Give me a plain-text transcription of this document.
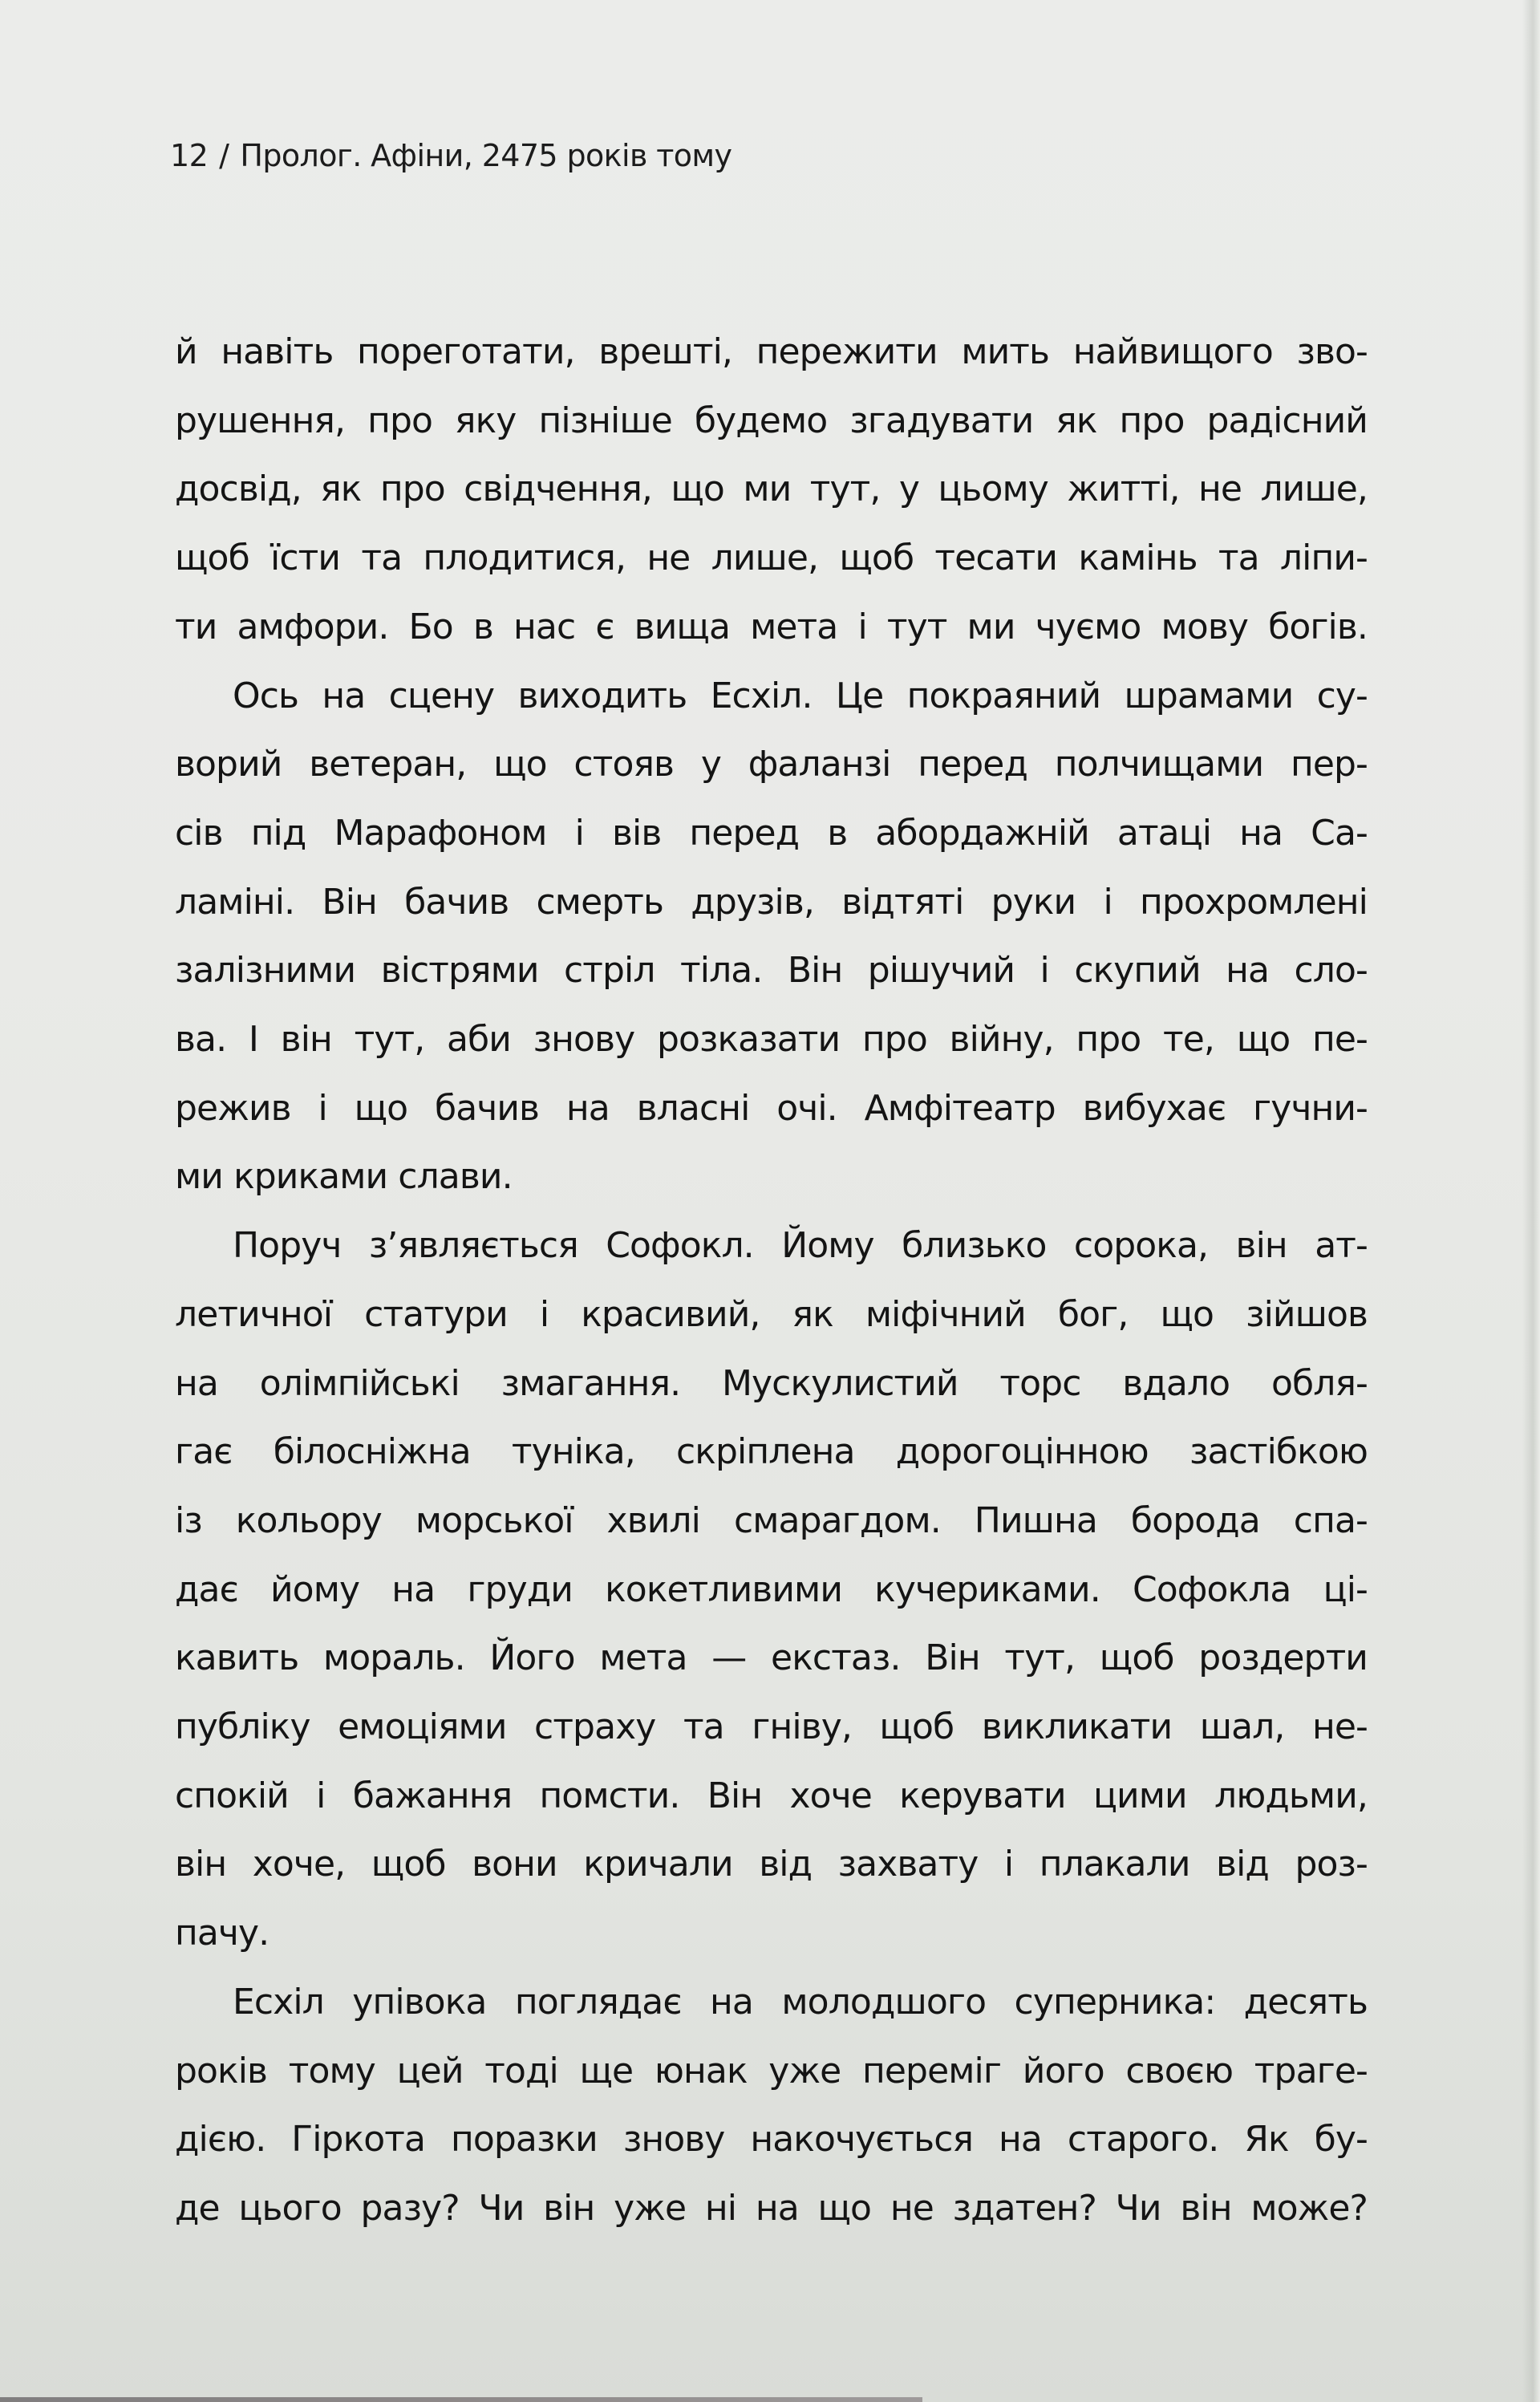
12 / Пролог. Афіни, 2475 років тому
й навіть пореготати, врешті, пережити мить найвищого зво-
рушення, про яку пізніше будемо згадувати як про радісний
досвід, як про свідчення, що ми тут, у цьому житті, не лише,
щоб їсти та плодитися, не лише, щоб тесати камінь та ліпи-
ти амфори. Бо в нас є вища мета і тут ми чуємо мову богів.
Ось на сцену виходить Есхіл. Це покраяний шрамами су-
ворий ветеран, що стояв у фаланзі перед полчищами пер-
сів під Марафоном і вів перед в абордажній атаці на Са-
ламіні. Він бачив смерть друзів, відтяті руки і прохромлені
залізними вістрями стріл тіла. Він рішучий і скупий на сло-
ва. І він тут, аби знову розказати про війну, про те, що пе-
режив і що бачив на власні очі. Амфітеатр вибухає гучни-
ми криками слави.
Поруч з’являється Софокл. Йому близько сорока, він ат-
летичної статури і красивий, як міфічний бог, що зійшов
на олімпійські змагання. Мускулистий торс вдало обля-
гає білосніжна туніка, скріплена дорогоцінною застібкою
із кольору морської хвилі смарагдом. Пишна борода спа-
дає йому на груди кокетливими кучериками. Софокла ці-
кавить мораль. Його мета — екстаз. Він тут, щоб роздерти
публіку емоціями страху та гніву, щоб викликати шал, не-
спокій і бажання помсти. Він хоче керувати цими людьми,
він хоче, щоб вони кричали від захвату і плакали від роз-
пачу.
Есхіл упівока поглядає на молодшого суперника: десять
років тому цей тоді ще юнак уже переміг його своєю траге-
дією. Гіркота поразки знову накочується на старого. Як бу-
де цього разу? Чи він уже ні на що не здатен? Чи він може?
